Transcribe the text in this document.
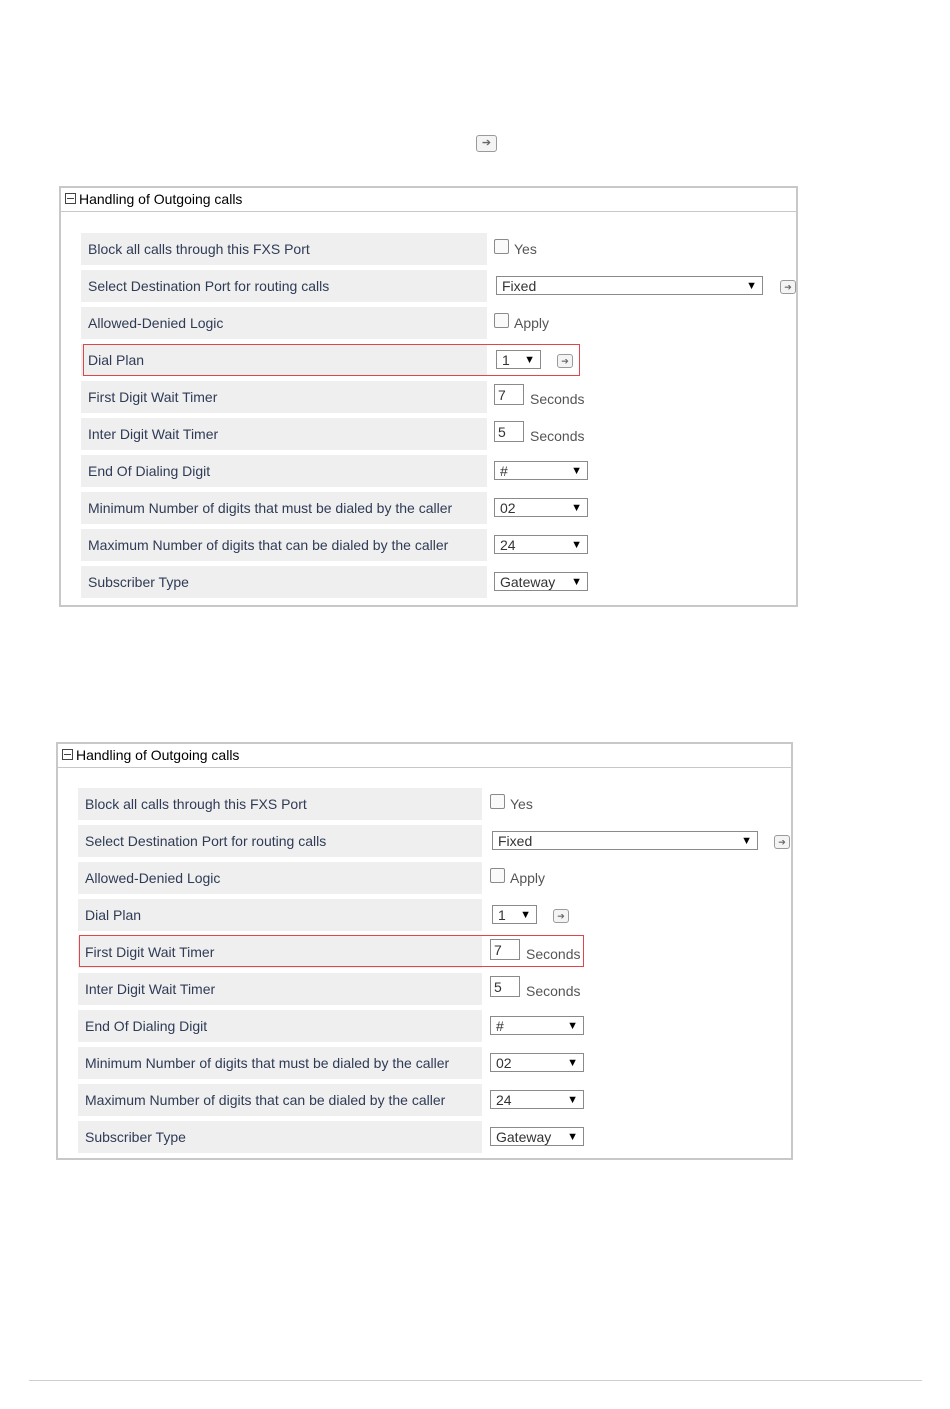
➔
Handling of Outgoing calls
Block all calls through this FXS Port	Yes
Select Destination Port for routing calls	Fixed	▼	➔
Allowed-Denied Logic	Apply
Dial Plan	1 ▼	➔
First Digit Wait Timer	7	Seconds
Inter Digit Wait Timer	5	Seconds
End Of Dialing Digit	#	▼
Minimum Number of digits that must be dialed by the caller	02	▼
Maximum Number of digits that can be dialed by the caller	24	▼
Subscriber Type	Gateway ▼
Handling of Outgoing calls
Block all calls through this FXS Port	Yes
Select Destination Port for routing calls	Fixed	▼	➔
Allowed-Denied Logic	Apply
Dial Plan	1 ▼	➔
First Digit Wait Timer	7	Seconds
Inter Digit Wait Timer	5	Seconds
End Of Dialing Digit	#	▼
Minimum Number of digits that must be dialed by the caller	02	▼
Maximum Number of digits that can be dialed by the caller	24	▼
Subscriber Type	Gateway ▼
